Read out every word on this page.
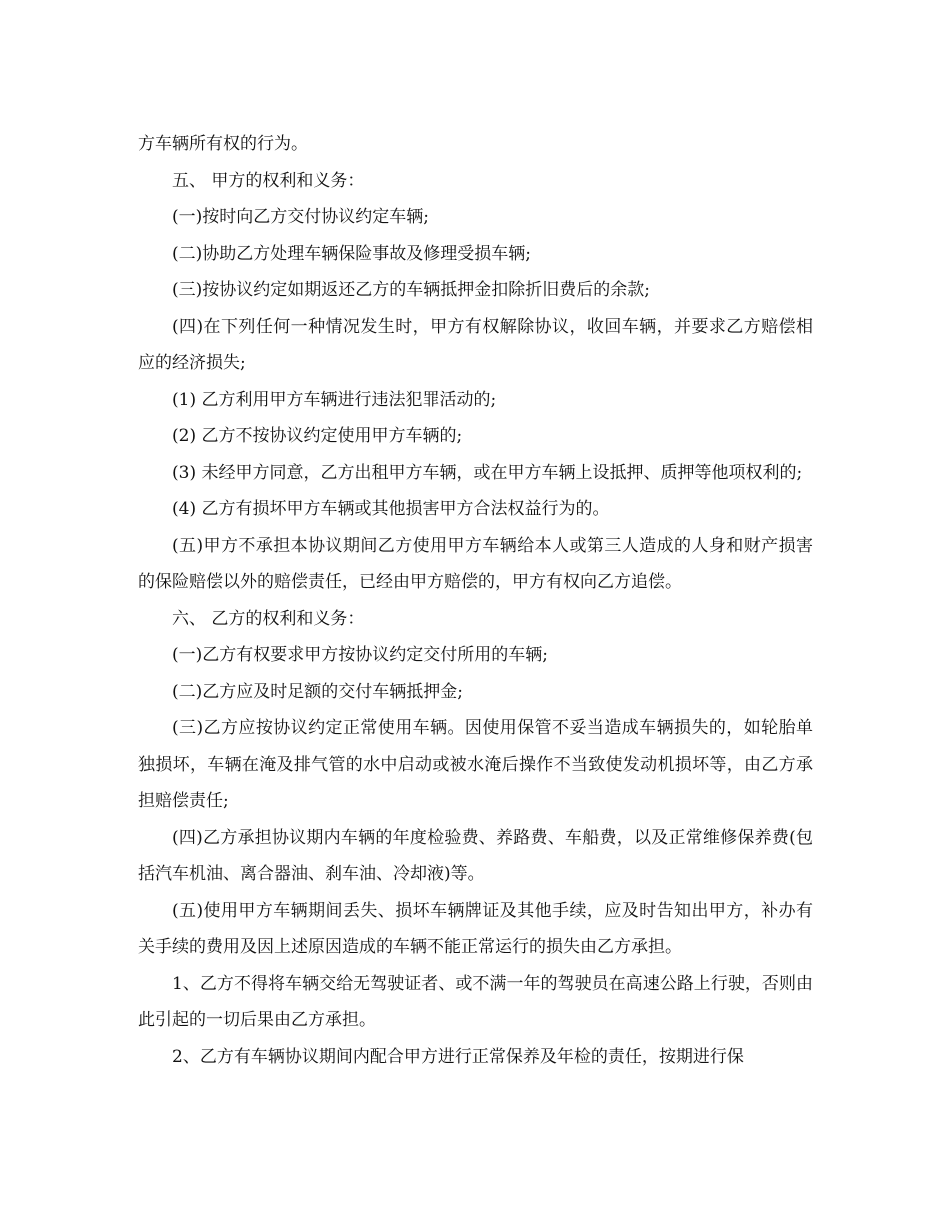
方车辆所有权的行为。

五、 甲方的权利和义务：

(一)按时向乙方交付协议约定车辆;

(二)协助乙方处理车辆保险事故及修理受损车辆;

(三)按协议约定如期返还乙方的车辆抵押金扣除折旧费后的余款;

(四)在下列任何一种情况发生时，甲方有权解除协议，收回车辆，并要求乙方赔偿相应的经济损失;

(1) 乙方利用甲方车辆进行违法犯罪活动的;

(2) 乙方不按协议约定使用甲方车辆的;

(3) 未经甲方同意，乙方出租甲方车辆，或在甲方车辆上设抵押、质押等他项权利的;

(4) 乙方有损坏甲方车辆或其他损害甲方合法权益行为的。

(五)甲方不承担本协议期间乙方使用甲方车辆给本人或第三人造成的人身和财产损害的保险赔偿以外的赔偿责任，已经由甲方赔偿的，甲方有权向乙方追偿。

六、 乙方的权利和义务：

(一)乙方有权要求甲方按协议约定交付所用的车辆;

(二)乙方应及时足额的交付车辆抵押金;

(三)乙方应按协议约定正常使用车辆。因使用保管不妥当造成车辆损失的，如轮胎单独损坏，车辆在淹及排气管的水中启动或被水淹后操作不当致使发动机损坏等，由乙方承担赔偿责任;

(四)乙方承担协议期内车辆的年度检验费、养路费、车船费，以及正常维修保养费(包括汽车机油、离合器油、刹车油、冷却液)等。

(五)使用甲方车辆期间丢失、损坏车辆牌证及其他手续，应及时告知出甲方，补办有关手续的费用及因上述原因造成的车辆不能正常运行的损失由乙方承担。

1、乙方不得将车辆交给无驾驶证者、或不满一年的驾驶员在高速公路上行驶，否则由此引起的一切后果由乙方承担。

2、乙方有车辆协议期间内配合甲方进行正常保养及年检的责任，按期进行保
